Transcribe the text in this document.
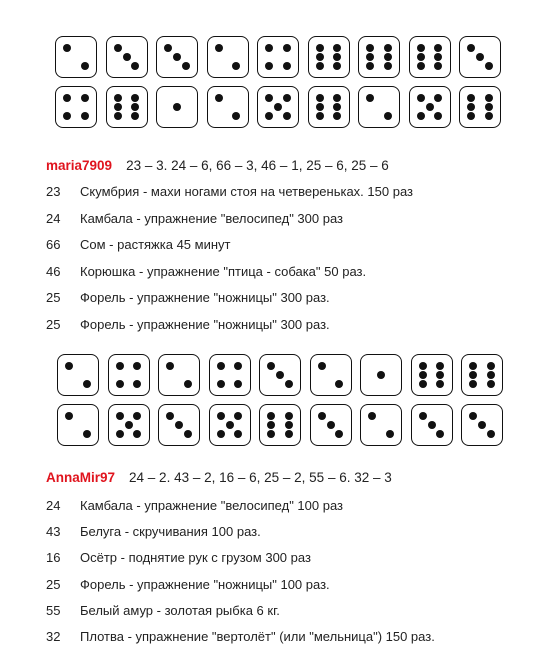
maria7909 23 – 3. 24 – 6, 66 – 3, 46 – 1, 25 – 6, 25 – 6
23 Скумбрия - махи ногами стоя на четвереньках. 150 раз
24 Камбала - упражнение "велосипед" 300 раз
66 Сом - растяжка 45 минут
46 Корюшка - упражнение "птица - собака" 50 раз.
25 Форель - упражнение "ножницы" 300 раз.
25 Форель - упражнение "ножницы" 300 раз.
AnnaMir97 24 – 2. 43 – 2, 16 – 6, 25 – 2, 55 – 6. 32 – 3
24 Камбала - упражнение "велосипед" 100 раз
43 Белуга - скручивания 100 раз.
16 Осётр - поднятие рук с грузом 300 раз
25 Форель - упражнение "ножницы" 100 раз.
55 Белый амур - золотая рыбка 6 кг.
32 Плотва - упражнение "вертолёт" (или "мельница") 150 раз.
